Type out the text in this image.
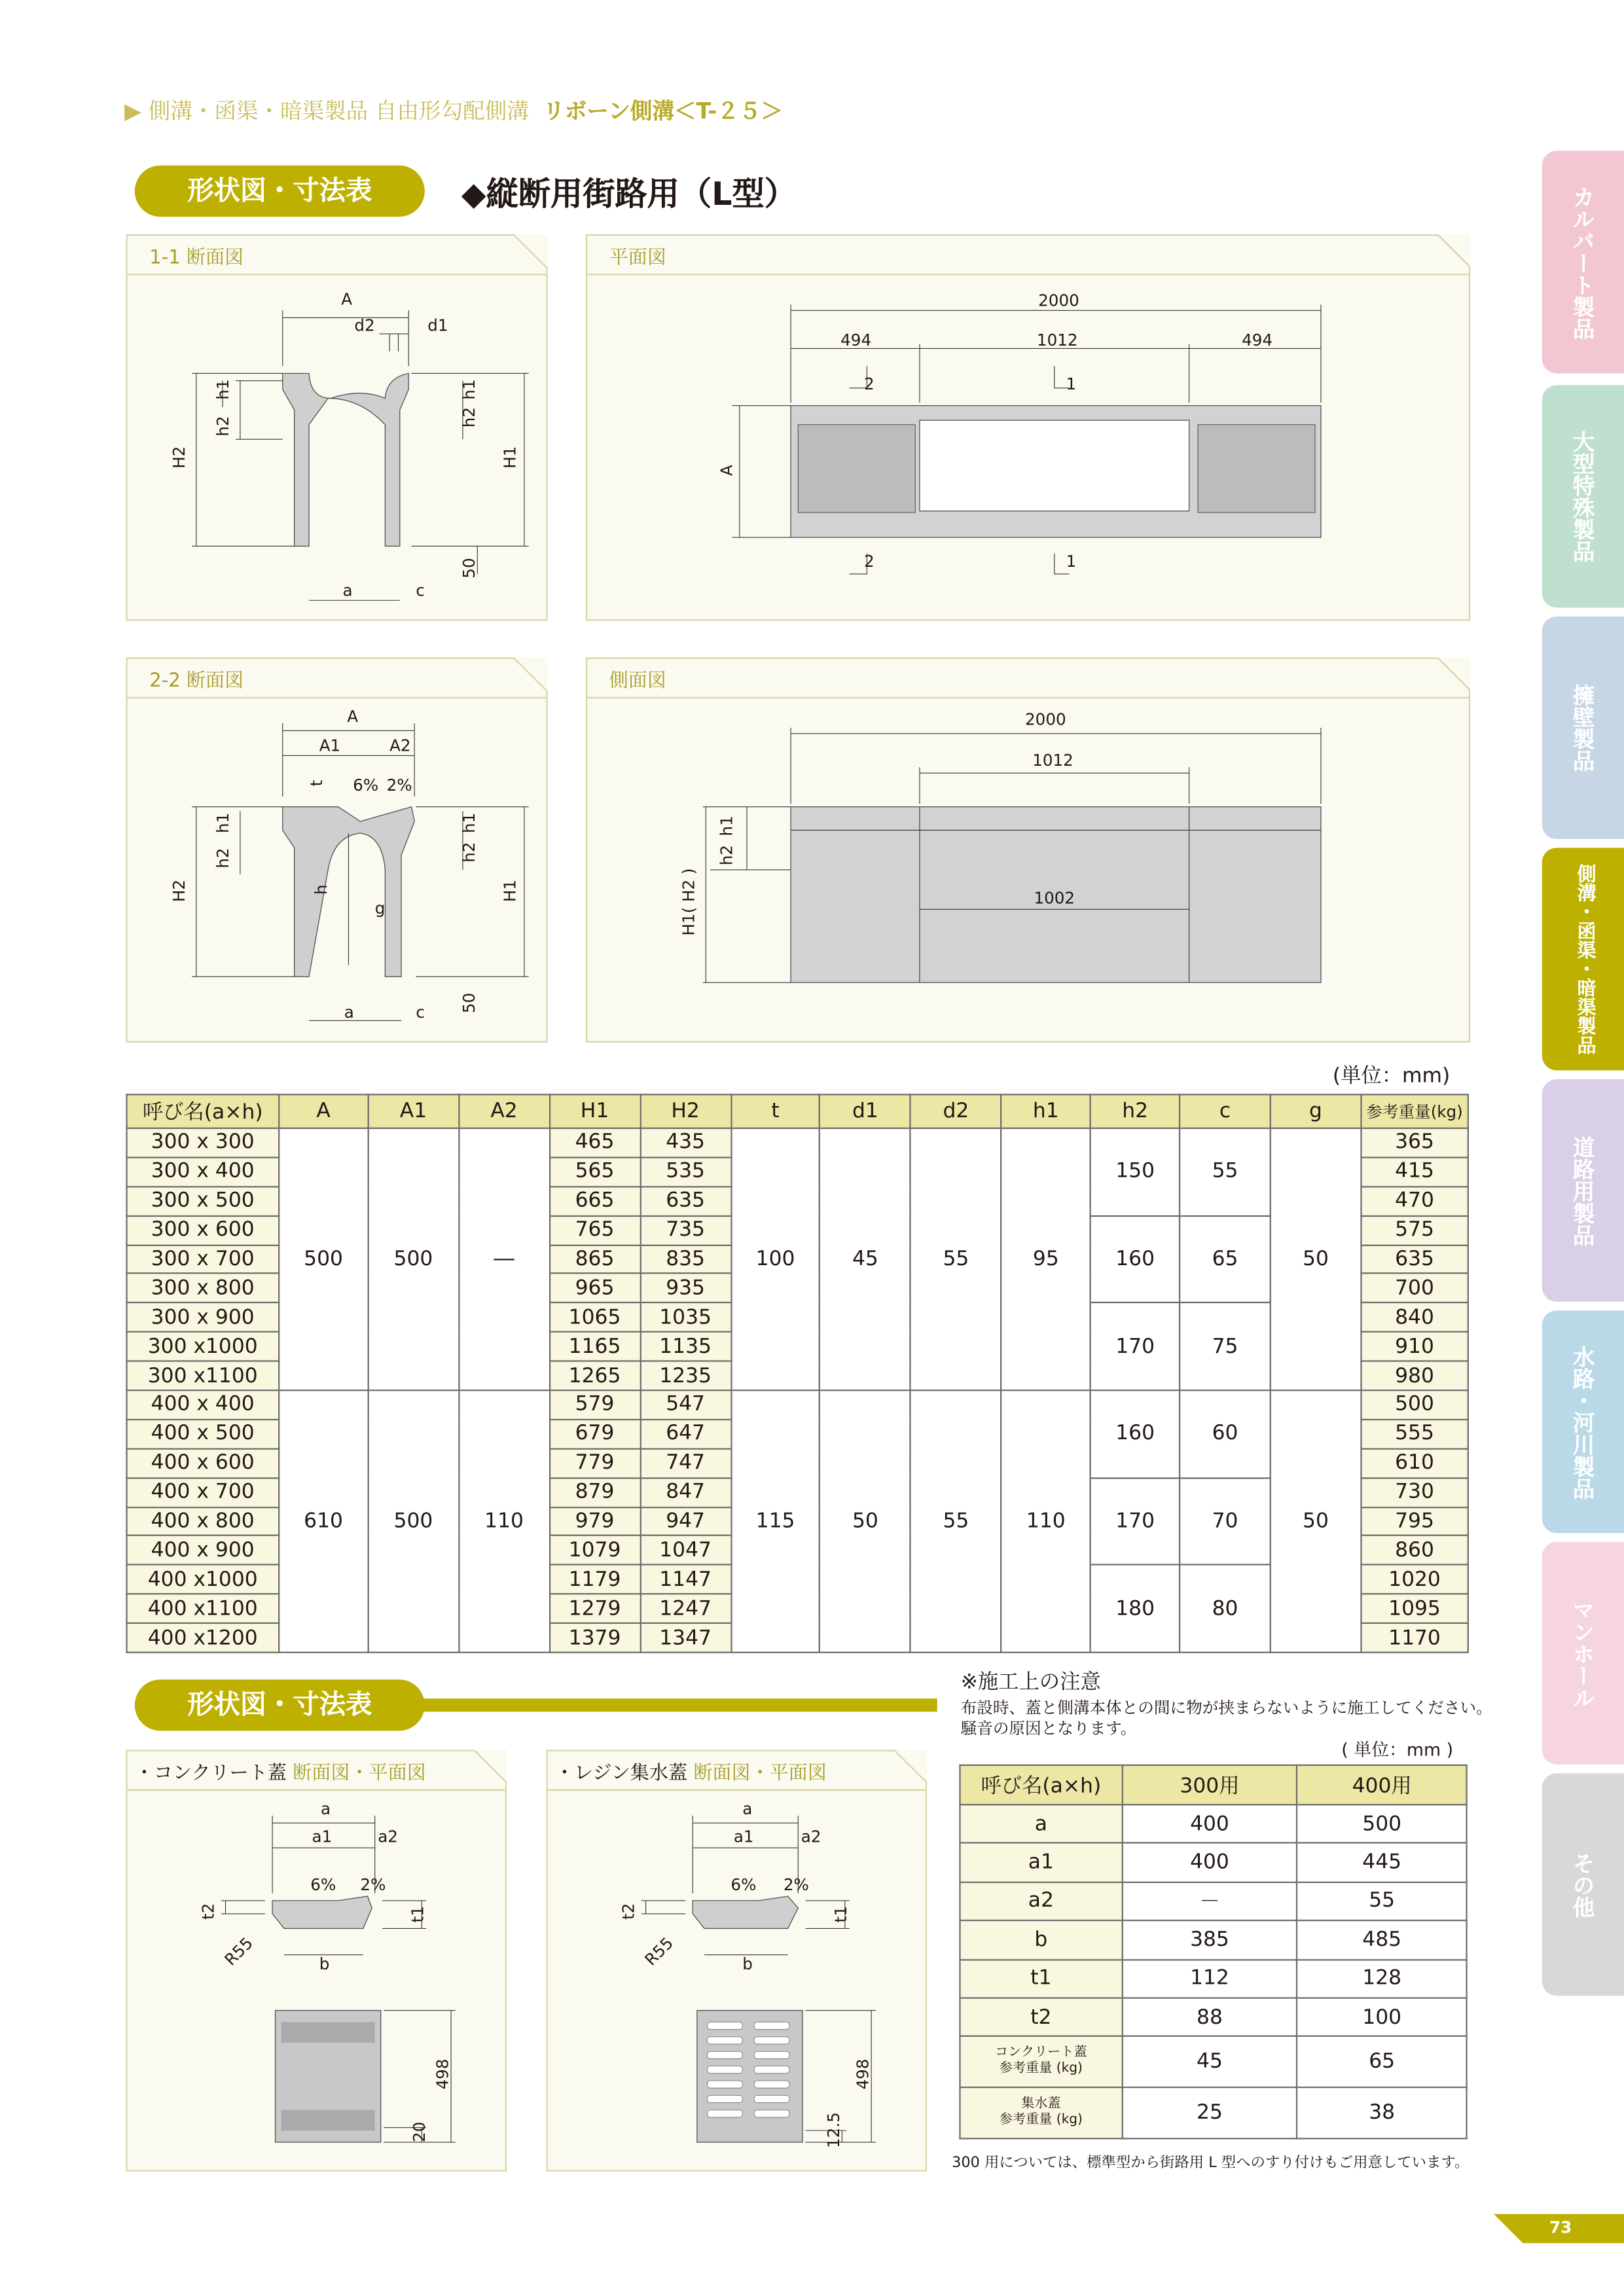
▶ 側溝・函渠・暗渠製品 自由形勾配側溝 リボーン側溝＜T-２５＞
形状図・寸法表	◆縦断用街路用（L型）
A
d2	d1
h1
h2
H2
h1
h2
H1
50
a	c
1-1 断面図
2000
494	1012	494
2	1
2	1
A
平面図
A
A1	A2
t	6% 2%
h1
h2
H2	h
g
h1
h2
H1
50
a	c
2-2 断面図
2000
1012
h1
h2
H1( H2 )	1002
側面図
(単位：mm)
呼び名(a×h)	A	A1	A2	H1	H2	t	d1	d2	h1	h2	c	g	参考重量(kg)
300 x 300	500	500	―	465	435	100	45	55	95	150	55	50	365
300 x 400				565	535								415
300 x 500				665	635								470
300 x 600				765	735					160	65		575
300 x 700				865	835								635
300 x 800				965	935								700
300 x 900				1065	1035					170	75		840
300 x1000				1165	1135								910
300 x1100				1265	1235								980
400 x 400	610	500	110	579	547	115	50	55	110	160	60	50	500
400 x 500				679	647								555
400 x 600				779	747								610
400 x 700				879	847					170	70		730
400 x 800				979	947								795
400 x 900				1079	1047								860
400 x1000				1179	1147					180	80		1020
400 x1100				1279	1247								1095
400 x1200				1379	1347								1170
形状図・寸法表
a
a1	a2
6%	2%
t2	t1
R55	b
498
20
・コンクリート蓋 断面図・平面図
a
a1	a2
6%	2%
t2	t1
R55	b
498
12.5
・レジン集水蓋 断面図・平面図
※施工上の注意
布設時、蓋と側溝本体との間に物が挟まらないように施工してください。
騒音の原因となります。
( 単位：mm )
呼び名(a×h)	300用	400用
a	400	500
a1	400	445
a2	－	55
b	385	485
t1	112	128
t2	88	100
コンクリート蓋
参考重量 (kg)	45	65
集水蓋
参考重量 (kg)	25	38
300 用については、標準型から街路用 L 型へのすり付けもご用意しています。
カルバート製品
大型特殊製品
擁壁製品
側溝・函渠・暗渠製品
道路用製品
水路・河川製品
マンホール
その他
73
